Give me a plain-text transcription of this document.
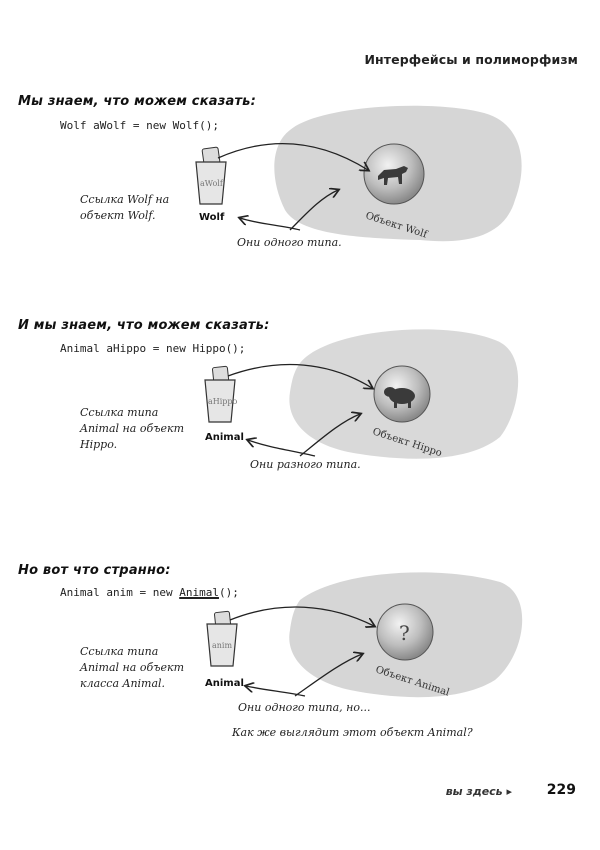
Интерфейсы и полиморфизм
Мы знаем, что можем сказать:
Wolf aWolf = new Wolf();
aWolf
Объект Wolf
Wolf
Ссылка Wolf на
объект Wolf.
Они одного типа.
И мы знаем, что можем сказать:
Animal aHippo = new Hippo();
aHippo
Объект Hippo
Animal
Ссылка типа
Animal на объект
Hippo.
Они разного типа.
Но вот что странно:
Animal anim = new Animal();
?
anim
Объект Animal
Animal
Ссылка типа
Animal на объект
класса Animal.
Они одного типа, но...
Как же выглядит этот объект Animal?
вы здесь ▸ 229
